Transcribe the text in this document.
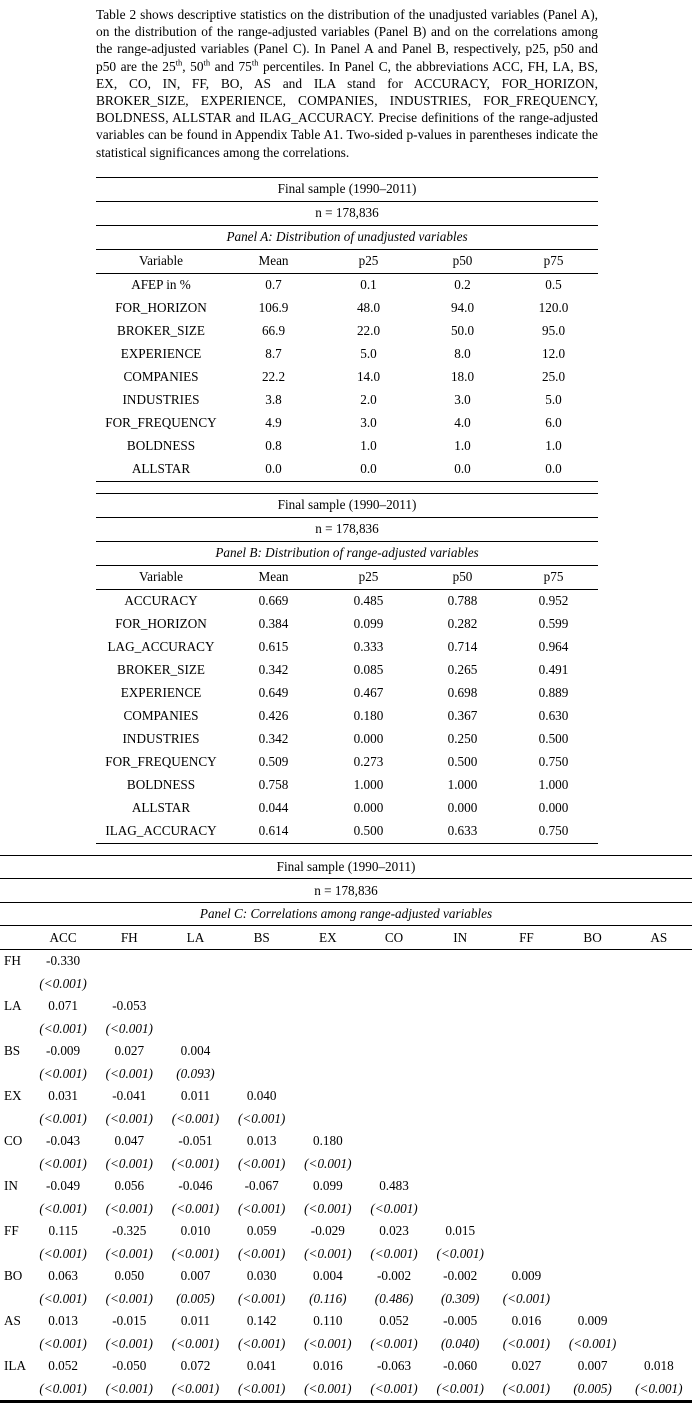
Table 2 shows descriptive statistics on the distribution of the unadjusted variables (Panel A), on the distribution of the range-adjusted variables (Panel B) and on the correlations among the range-adjusted variables (Panel C). In Panel A and Panel B, respectively, p25, p50 and p50 are the 25th, 50th and 75th percentiles. In Panel C, the abbreviations ACC, FH, LA, BS, EX, CO, IN, FF, BO, AS and ILA stand for ACCURACY, FOR_HORIZON, BROKER_SIZE, EXPERIENCE, COMPANIES, INDUSTRIES, FOR_FREQUENCY, BOLDNESS, ALLSTAR and ILAG_ACCURACY. Precise definitions of the range-adjusted variables can be found in Appendix Table A1. Two-sided p-values in parentheses indicate the statistical significances among the correlations.

Final sample (1990–2011)				
n = 178,836				
Panel A: Distribution of unadjusted variables				
Variable	Mean	p25	p50	p75
AFEP in %	0.7	0.1	0.2	0.5
FOR_HORIZON	106.9	48.0	94.0	120.0
BROKER_SIZE	66.9	22.0	50.0	95.0
EXPERIENCE	8.7	5.0	8.0	12.0
COMPANIES	22.2	14.0	18.0	25.0
INDUSTRIES	3.8	2.0	3.0	5.0
FOR_FREQUENCY	4.9	3.0	4.0	6.0
BOLDNESS	0.8	1.0	1.0	1.0
ALLSTAR	0.0	0.0	0.0	0.0
Final sample (1990–2011)				
n = 178,836				
Panel B: Distribution of range-adjusted variables				
Variable	Mean	p25	p50	p75
ACCURACY	0.669	0.485	0.788	0.952
FOR_HORIZON	0.384	0.099	0.282	0.599
LAG_ACCURACY	0.615	0.333	0.714	0.964
BROKER_SIZE	0.342	0.085	0.265	0.491
EXPERIENCE	0.649	0.467	0.698	0.889
COMPANIES	0.426	0.180	0.367	0.630
INDUSTRIES	0.342	0.000	0.250	0.500
FOR_FREQUENCY	0.509	0.273	0.500	0.750
BOLDNESS	0.758	1.000	1.000	1.000
ALLSTAR	0.044	0.000	0.000	0.000
ILAG_ACCURACY	0.614	0.500	0.633	0.750
Final sample (1990–2011)										
n = 178,836										
Panel C: Correlations among range-adjusted variables										
	ACC	FH	LA	BS	EX	CO	IN	FF	BO	AS
FH	-0.330									
	(<0.001)									
LA	0.071	-0.053								
	(<0.001)	(<0.001)								
BS	-0.009	0.027	0.004							
	(<0.001)	(<0.001)	(0.093)							
EX	0.031	-0.041	0.011	0.040						
	(<0.001)	(<0.001)	(<0.001)	(<0.001)						
CO	-0.043	0.047	-0.051	0.013	0.180					
	(<0.001)	(<0.001)	(<0.001)	(<0.001)	(<0.001)					
IN	-0.049	0.056	-0.046	-0.067	0.099	0.483				
	(<0.001)	(<0.001)	(<0.001)	(<0.001)	(<0.001)	(<0.001)				
FF	0.115	-0.325	0.010	0.059	-0.029	0.023	0.015			
	(<0.001)	(<0.001)	(<0.001)	(<0.001)	(<0.001)	(<0.001)	(<0.001)			
BO	0.063	0.050	0.007	0.030	0.004	-0.002	-0.002	0.009		
	(<0.001)	(<0.001)	(0.005)	(<0.001)	(0.116)	(0.486)	(0.309)	(<0.001)		
AS	0.013	-0.015	0.011	0.142	0.110	0.052	-0.005	0.016	0.009	
	(<0.001)	(<0.001)	(<0.001)	(<0.001)	(<0.001)	(<0.001)	(0.040)	(<0.001)	(<0.001)	
ILA	0.052	-0.050	0.072	0.041	0.016	-0.063	-0.060	0.027	0.007	0.018
	(<0.001)	(<0.001)	(<0.001)	(<0.001)	(<0.001)	(<0.001)	(<0.001)	(<0.001)	(0.005)	(<0.001)
